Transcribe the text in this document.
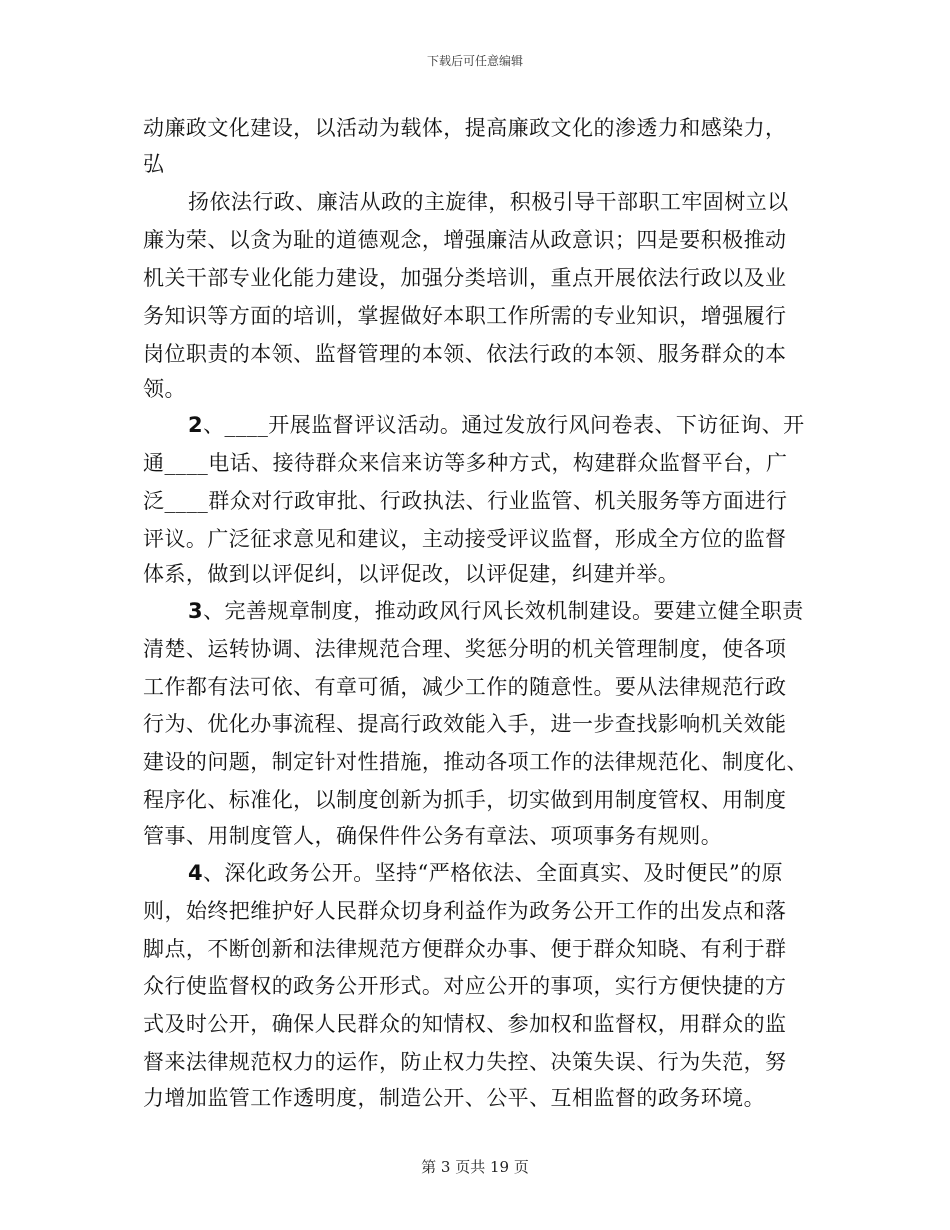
下载后可任意编辑
动廉政文化建设，以活动为载体，提高廉政文化的渗透力和感染力，
弘
扬依法行政、廉洁从政的主旋律，积极引导干部职工牢固树立以
廉为荣、以贪为耻的道德观念，增强廉洁从政意识；四是要积极推动
机关干部专业化能力建设，加强分类培训，重点开展依法行政以及业
务知识等方面的培训，掌握做好本职工作所需的专业知识，增强履行
岗位职责的本领、监督管理的本领、依法行政的本领、服务群众的本
领。
2、____开展监督评议活动。通过发放行风问卷表、下访征询、开
通____电话、接待群众来信来访等多种方式，构建群众监督平台，广
泛____群众对行政审批、行政执法、行业监管、机关服务等方面进行
评议。广泛征求意见和建议，主动接受评议监督，形成全方位的监督
体系，做到以评促纠，以评促改，以评促建，纠建并举。
3、完善规章制度，推动政风行风长效机制建设。要建立健全职责
清楚、运转协调、法律规范合理、奖惩分明的机关管理制度，使各项
工作都有法可依、有章可循，减少工作的随意性。要从法律规范行政
行为、优化办事流程、提高行政效能入手，进一步查找影响机关效能
建设的问题，制定针对性措施，推动各项工作的法律规范化、制度化、
程序化、标准化，以制度创新为抓手，切实做到用制度管权、用制度
管事、用制度管人，确保件件公务有章法、项项事务有规则。
4、深化政务公开。坚持“严格依法、全面真实、及时便民”的原
则，始终把维护好人民群众切身利益作为政务公开工作的出发点和落
脚点，不断创新和法律规范方便群众办事、便于群众知晓、有利于群
众行使监督权的政务公开形式。对应公开的事项，实行方便快捷的方
式及时公开，确保人民群众的知情权、参加权和监督权，用群众的监
督来法律规范权力的运作，防止权力失控、决策失误、行为失范，努
力增加监管工作透明度，制造公开、公平、互相监督的政务环境。
第 3 页共 19 页
